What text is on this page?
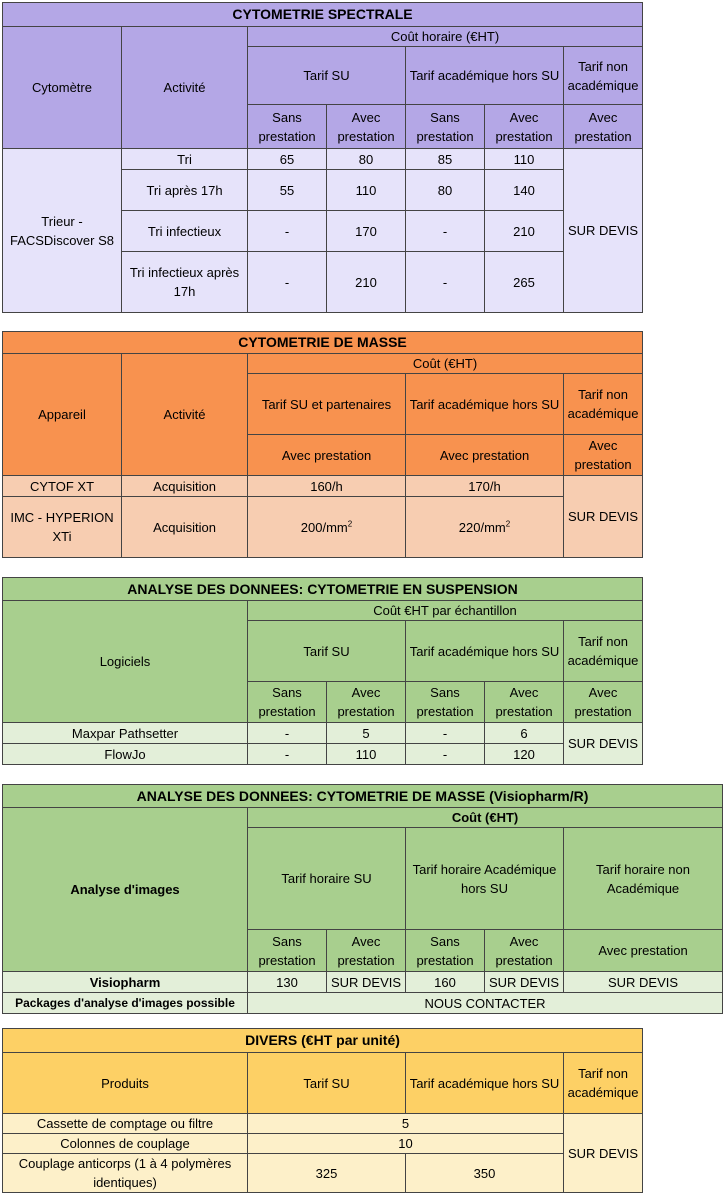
CYTOMETRIE SPECTRALE						
Cytomètre	Activité	Coût horaire (€HT)				
		Tarif SU		Tarif académique hors SU		Tarif non académique
		Sans prestation	Avec prestation	Sans prestation	Avec prestation	Avec prestation
Trieur - FACSDiscover S8	Tri	65	80	85	110	SUR DEVIS
	Tri après 17h	55	110	80	140	
	Tri infectieux	-	170	-	210	
	Tri infectieux après 17h	-	210	-	265	
CYTOMETRIE DE MASSE				
Appareil	Activité	Coût (€HT)		
		Tarif SU et partenaires	Tarif académique hors SU	Tarif non académique
		Avec prestation	Avec prestation	Avec prestation
CYTOF XT	Acquisition	160/h	170/h	SUR DEVIS
IMC - HYPERION XTi	Acquisition	$200/mm^2$	$220/mm^2$
ANALYSE DES DONNEES: CYTOMETRIE EN SUSPENSION					
Logiciels	Coût €HT par échantillon				
	Tarif SU		Tarif académique hors SU		Tarif non académique
	Sans prestation	Avec prestation	Sans prestation	Avec prestation	Avec prestation
Maxpar Pathsetter	-	5	-	6	SUR DEVIS
FlowJo	-	110	-	120	
ANALYSE DES DONNEES: CYTOMETRIE DE MASSE (Visiopharm/R)					
Analyse d'images	Coût (€HT)				
	Tarif horaire SU		Tarif horaire Académique hors SU		Tarif horaire non Académique
	Sans prestation	Avec prestation	Sans prestation	Avec prestation	Avec prestation
Visiopharm	130	SUR DEVIS	160	SUR DEVIS	SUR DEVIS
Packages d'analyse d'images possible	NOUS CONTACTER				
DIVERS (€HT par unité)			
Produits	Tarif SU	Tarif académique hors SU	Tarif non académique
Cassette de comptage ou filtre	5		SUR DEVIS
Colonnes de couplage	10		
Couplage anticorps (1 à 4 polymères identiques)	325	350	
